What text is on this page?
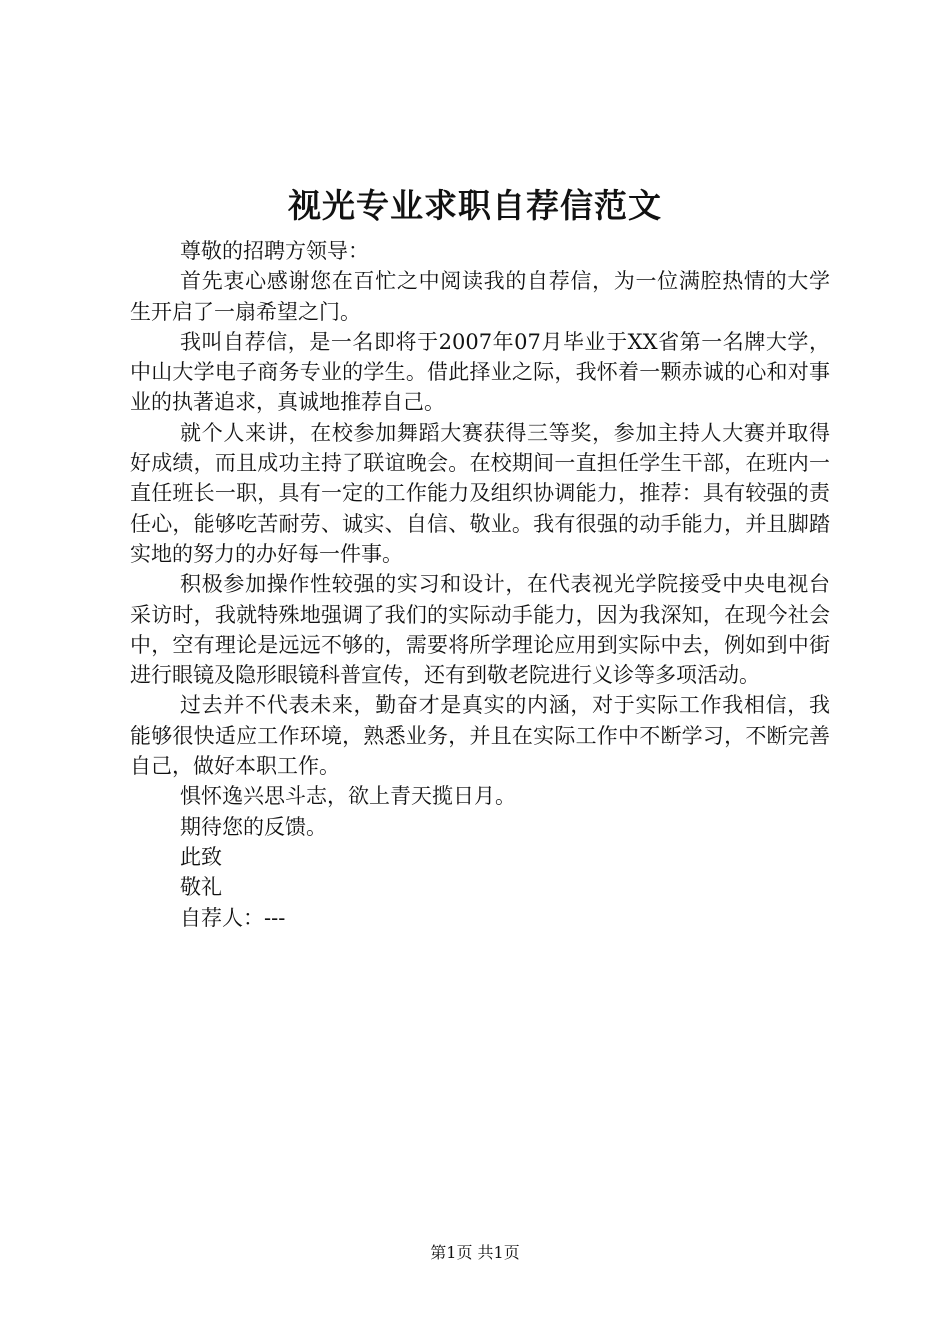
视光专业求职自荐信范文

尊敬的招聘方领导：

首先衷心感谢您在百忙之中阅读我的自荐信，为一位满腔热情的大学生开启了一扇希望之门。

我叫自荐信，是一名即将于2007年07月毕业于XX省第一名牌大学，中山大学电子商务专业的学生。借此择业之际，我怀着一颗赤诚的心和对事业的执著追求，真诚地推荐自己。

就个人来讲，在校参加舞蹈大赛获得三等奖，参加主持人大赛并取得好成绩，而且成功主持了联谊晚会。在校期间一直担任学生干部，在班内一直任班长一职，具有一定的工作能力及组织协调能力，推荐：具有较强的责任心，能够吃苦耐劳、诚实、自信、敬业。我有很强的动手能力，并且脚踏实地的努力的办好每一件事。

积极参加操作性较强的实习和设计，在代表视光学院接受中央电视台采访时，我就特殊地强调了我们的实际动手能力，因为我深知，在现今社会中，空有理论是远远不够的，需要将所学理论应用到实际中去，例如到中街进行眼镜及隐形眼镜科普宣传，还有到敬老院进行义诊等多项活动。

过去并不代表未来，勤奋才是真实的内涵，对于实际工作我相信，我能够很快适应工作环境，熟悉业务，并且在实际工作中不断学习，不断完善自己，做好本职工作。

惧怀逸兴思斗志，欲上青天揽日月。

期待您的反馈。

此致

敬礼

自荐人：---

第1页 共1页
